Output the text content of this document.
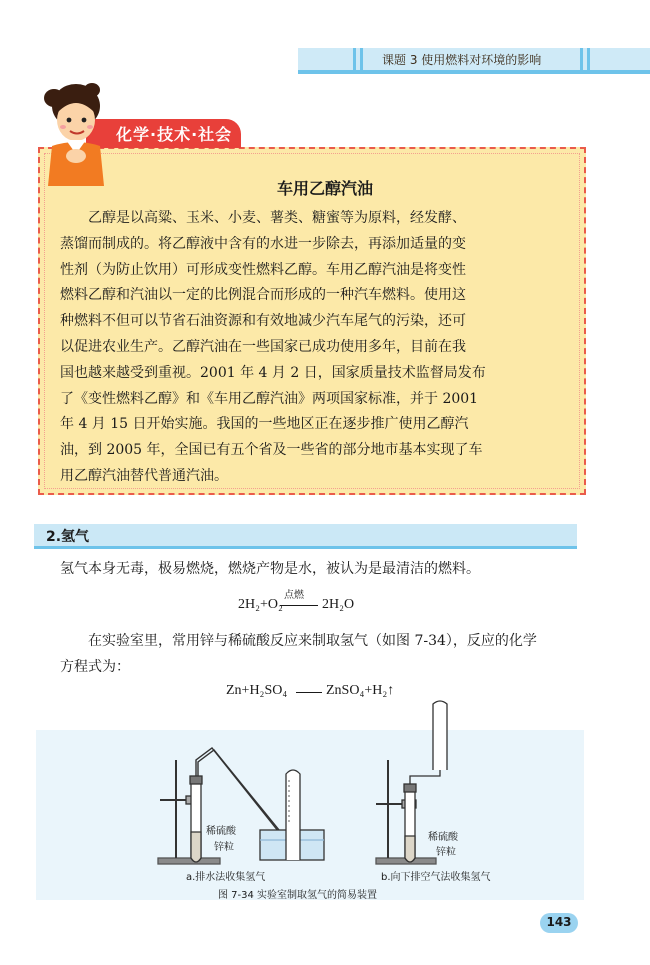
课题 3 使用燃料对环境的影响
化学·技术·社会
车用乙醇汽油
乙醇是以高粱、玉米、小麦、薯类、糖蜜等为原料，经发酵、
蒸馏而制成的。将乙醇液中含有的水进一步除去，再添加适量的变
性剂（为防止饮用）可形成变性燃料乙醇。车用乙醇汽油是将变性
燃料乙醇和汽油以一定的比例混合而形成的一种汽车燃料。使用这
种燃料不但可以节省石油资源和有效地减少汽车尾气的污染，还可
以促进农业生产。乙醇汽油在一些国家已成功使用多年，目前在我
国也越来越受到重视。2001 年 4 月 2 日，国家质量技术监督局发布
了《变性燃料乙醇》和《车用乙醇汽油》两项国家标准，并于 2001
年 4 月 15 日开始实施。我国的一些地区正在逐步推广使用乙醇汽
油，到 2005 年，全国已有五个省及一些省的部分地市基本实现了车
用乙醇汽油替代普通汽油。
2.氢气
氢气本身无毒，极易燃烧，燃烧产物是水，被认为是最清洁的燃料。
2H₂+O₂
点燃
2H₂O
在实验室里，常用锌与稀硫酸反应来制取氢气（如图 7-34），反应的化学
方程式为：
Zn+H₂SO₄	ZnSO₄+H₂↑
稀硫酸
锌粒
稀硫酸
锌粒
a.排水法收集氢气	b.向下排空气法收集氢气
图 7-34 实验室制取氢气的简易装置
143
